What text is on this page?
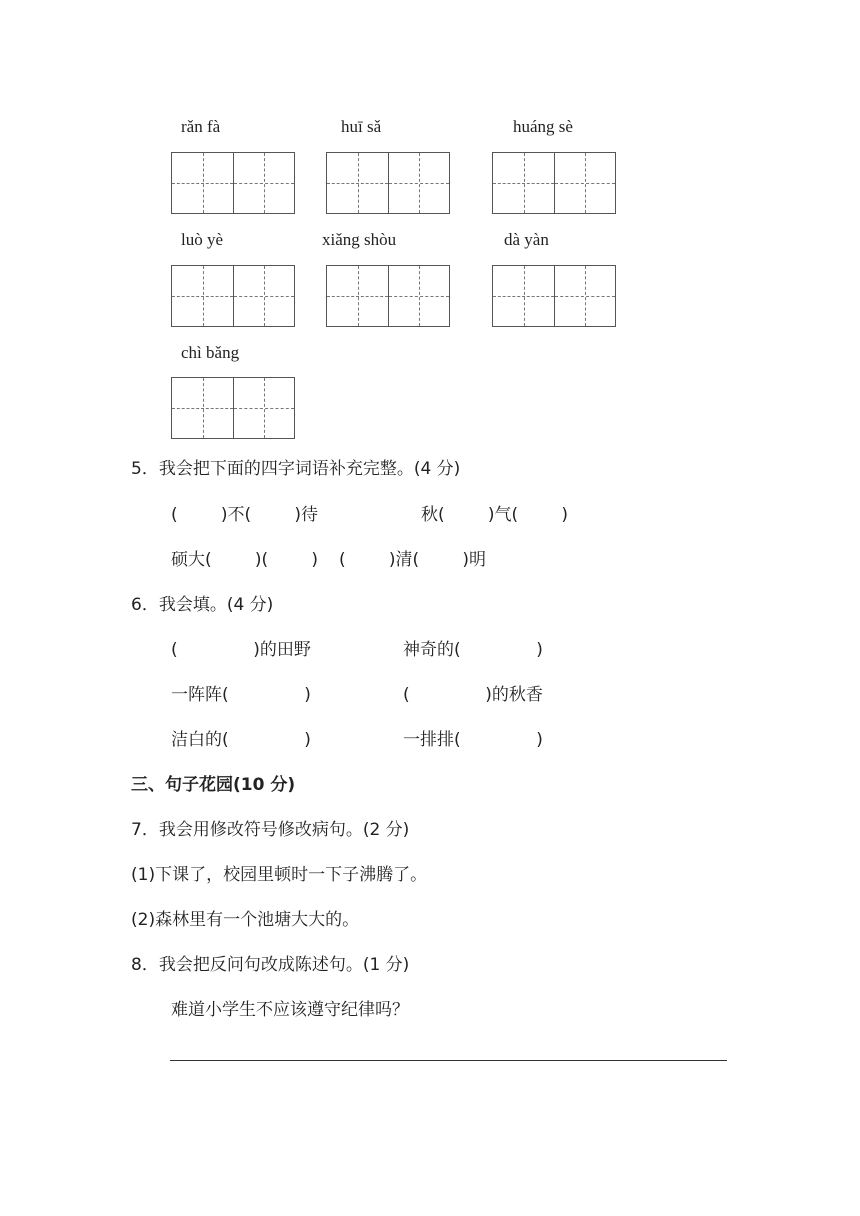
rǎn fà	huī sǎ	huáng sè
luò yè	xiǎng shòu	dà yàn
chì bǎng
5．我会把下面的四字词语补充完整。(4 分)
(        )不(        )待	秋(        )气(        )
硕大(        )(        ) (        )清(        )明
6．我会填。(4 分)
(              )的田野	神奇的(              )
一阵阵(              )	(              )的秋香
洁白的(              )	一排排(              )
三、句子花园(10 分)
7．我会用修改符号修改病句。(2 分)
(1)下课了，校园里顿时一下子沸腾了。
(2)森林里有一个池塘大大的。
8．我会把反问句改成陈述句。(1 分)
难道小学生不应该遵守纪律吗？
